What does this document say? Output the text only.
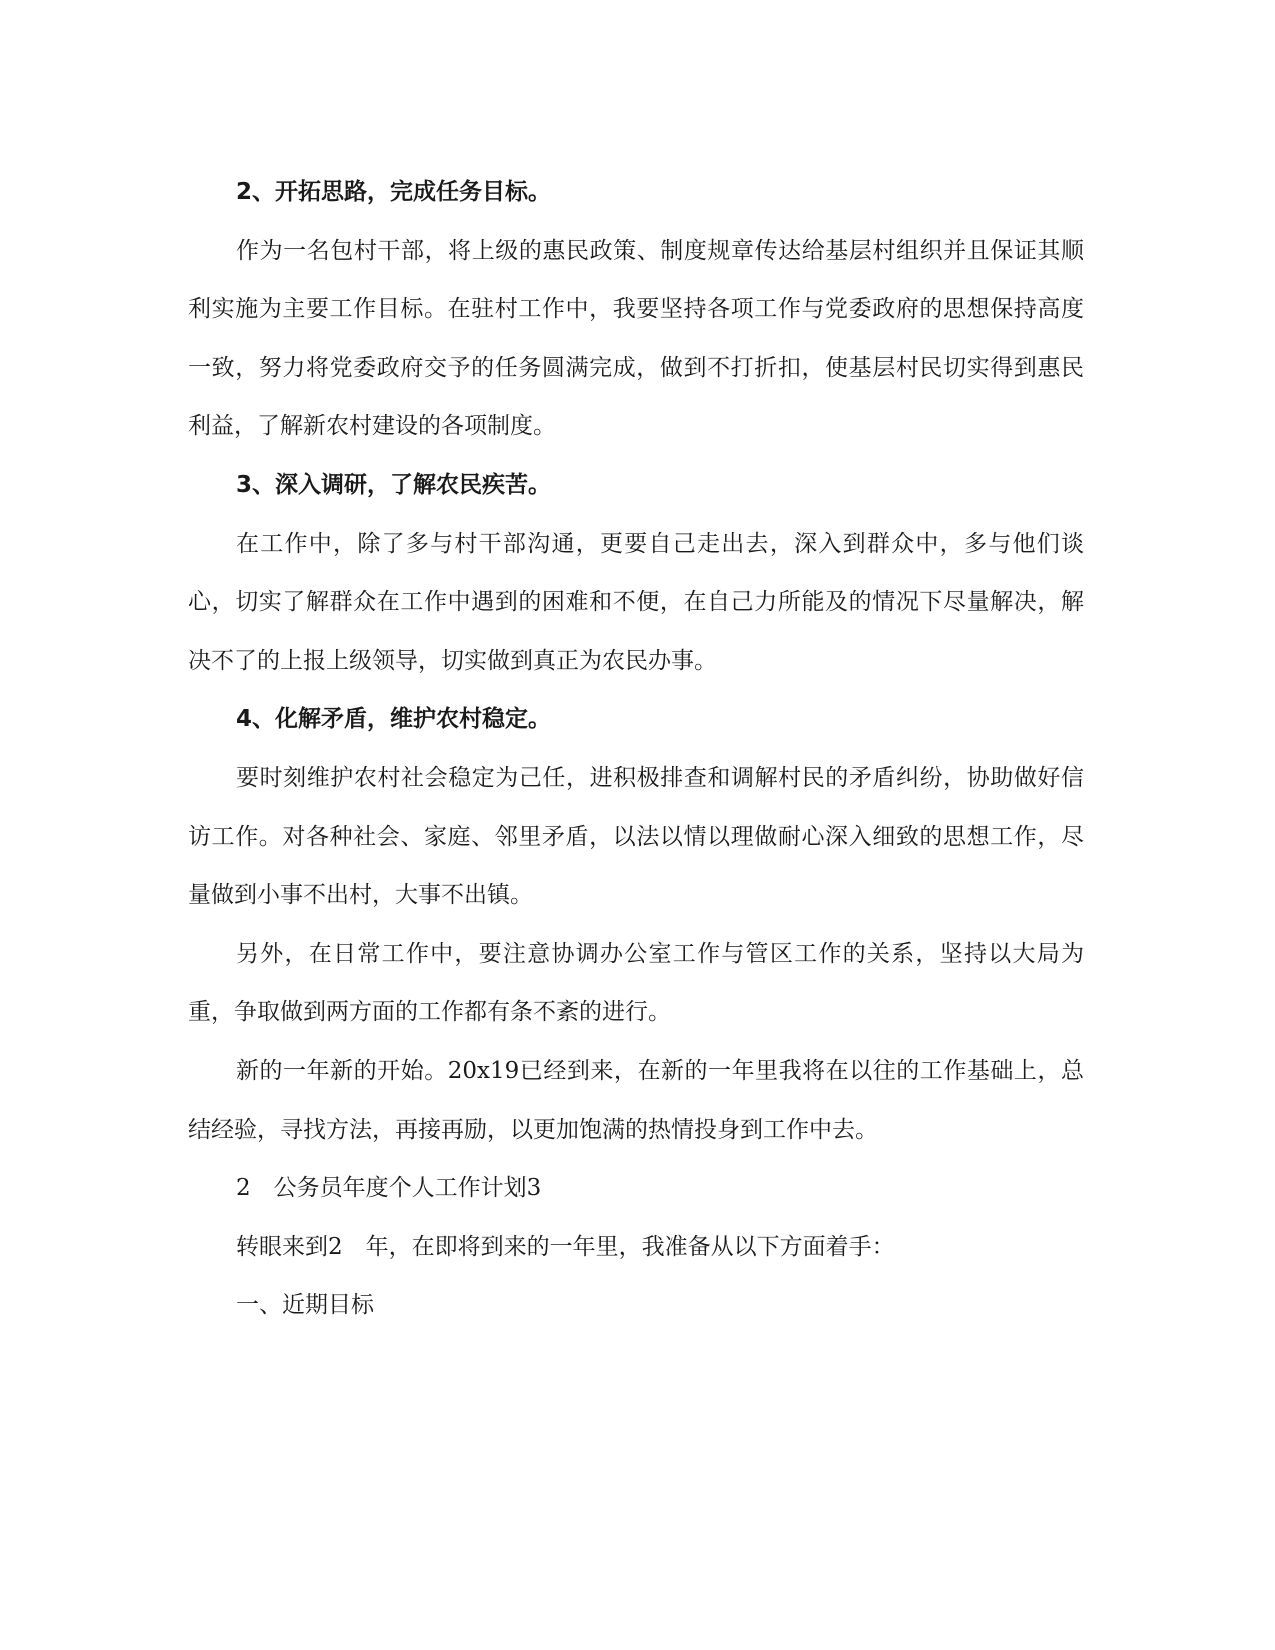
2、开拓思路，完成任务目标。

作为一名包村干部，将上级的惠民政策、制度规章传达给基层村组织并且保证其顺利实施为主要工作目标。在驻村工作中，我要坚持各项工作与党委政府的思想保持高度一致，努力将党委政府交予的任务圆满完成，做到不打折扣，使基层村民切实得到惠民利益，了解新农村建设的各项制度。

3、深入调研，了解农民疾苦。

在工作中，除了多与村干部沟通，更要自己走出去，深入到群众中，多与他们谈心，切实了解群众在工作中遇到的困难和不便，在自己力所能及的情况下尽量解决，解决不了的上报上级领导，切实做到真正为农民办事。

4、化解矛盾，维护农村稳定。

要时刻维护农村社会稳定为己任，进积极排查和调解村民的矛盾纠纷，协助做好信访工作。对各种社会、家庭、邻里矛盾，以法以情以理做耐心深入细致的思想工作，尽量做到小事不出村，大事不出镇。

另外，在日常工作中，要注意协调办公室工作与管区工作的关系，坚持以大局为重，争取做到两方面的工作都有条不紊的进行。

新的一年新的开始。20x19已经到来，在新的一年里我将在以往的工作基础上，总结经验，寻找方法，再接再励，以更加饱满的热情投身到工作中去。

2　公务员年度个人工作计划3

转眼来到2　年，在即将到来的一年里，我准备从以下方面着手：

一、近期目标
